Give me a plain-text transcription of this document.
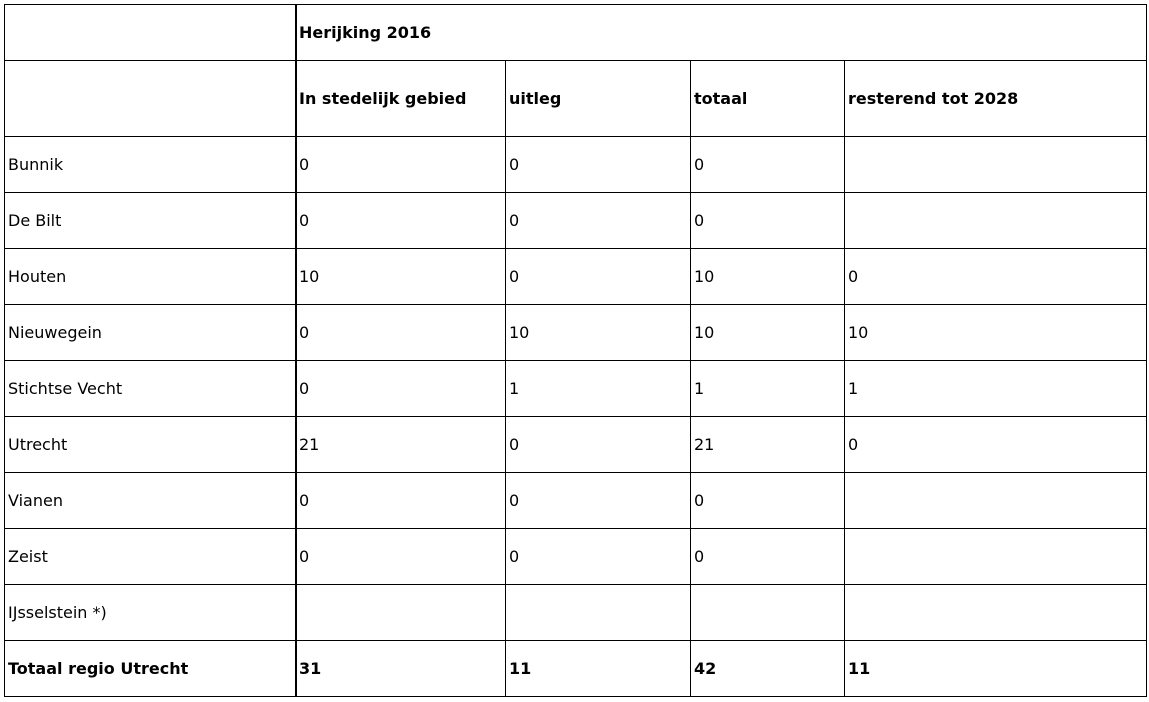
	Herijking 2016			
	In stedelijk gebied	uitleg	totaal	resterend tot 2028
Bunnik	0	0	0	
De Bilt	0	0	0	
Houten	10	0	10	0
Nieuwegein	0	10	10	10
Stichtse Vecht	0	1	1	1
Utrecht	21	0	21	0
Vianen	0	0	0	
Zeist	0	0	0	
IJsselstein *)				
Totaal regio Utrecht	31	11	42	11
